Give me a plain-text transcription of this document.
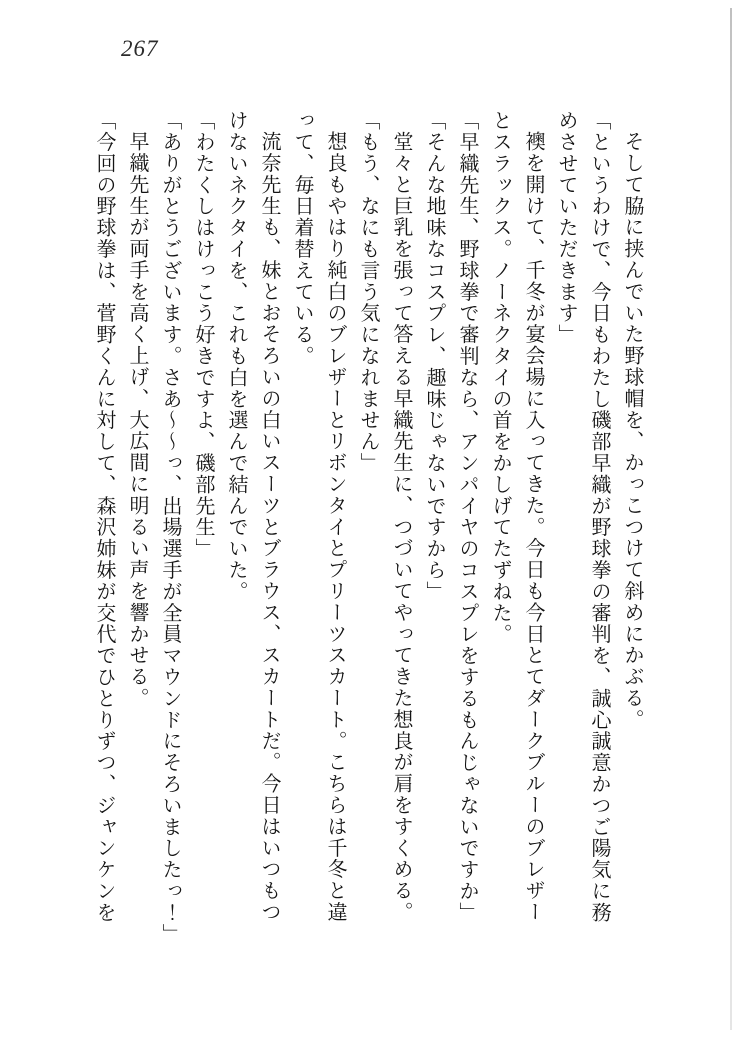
267

そして脇に挟んでいた野球帽を、かっこつけて斜めにかぶる。

「というわけで、今日もわたし磯部早織が野球拳の審判を、誠心誠意かつご陽気に務
めさせていただきます」

襖を開けて、千冬が宴会場に入ってきた。今日も今日とてダークブルーのブレザー
とスラックス。ノーネクタイの首をかしげてたずねた。

「早織先生、野球拳で審判なら、アンパイヤのコスプレをするもんじゃないですか」

「そんな地味なコスプレ、趣味じゃないですから」

堂々と巨乳を張って答える早織先生に、つづいてやってきた想良が肩をすくめる。

「もう、なにも言う気になれません」

想良もやはり純白のブレザーとリボンタイとプリーツスカート。こちらは千冬と違
って、毎日着替えている。

流奈先生も、妹とおそろいの白いスーツとブラウス、スカートだ。今日はいつもつ
けないネクタイを、これも白を選んで結んでいた。

「わたくしはけっこう好きですよ、磯部先生」

「ありがとうございます。さあ～～っ、出場選手が全員マウンドにそろいましたっ！」

早織先生が両手を高く上げ、大広間に明るい声を響かせる。

「今回の野球拳は、菅野くんに対して、森沢姉妹が交代でひとりずつ、ジャンケンを
